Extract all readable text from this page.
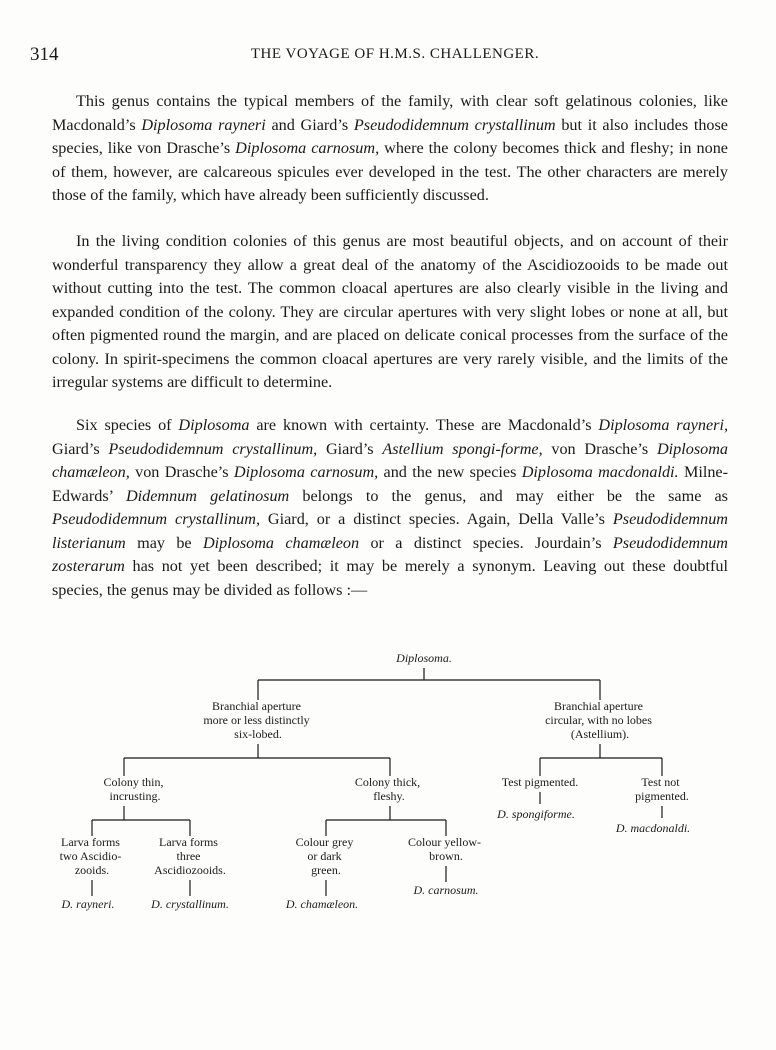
314	THE VOYAGE OF H.M.S. CHALLENGER.

This genus contains the typical members of the family, with clear soft gelatinous colonies, like Macdonald’s Diplosoma rayneri and Giard’s Pseudodidemnum crystallinum but it also includes those species, like von Drasche’s Diplosoma carnosum, where the colony becomes thick and fleshy; in none of them, however, are calcareous spicules ever developed in the test. The other characters are merely those of the family, which have already been sufficiently discussed.

In the living condition colonies of this genus are most beautiful objects, and on account of their wonderful transparency they allow a great deal of the anatomy of the Ascidiozooids to be made out without cutting into the test. The common cloacal apertures are also clearly visible in the living and expanded condition of the colony. They are circular apertures with very slight lobes or none at all, but often pigmented round the margin, and are placed on delicate conical processes from the surface of the colony. In spirit-specimens the common cloacal apertures are very rarely visible, and the limits of the irregular systems are difficult to determine.

Six species of Diplosoma are known with certainty. These are Macdonald’s Diplosoma rayneri, Giard’s Pseudodidemnum crystallinum, Giard’s Astellium spongi-forme, von Drasche’s Diplosoma chamæleon, von Drasche’s Diplosoma carnosum, and the new species Diplosoma macdonaldi. Milne-Edwards’ Didemnum gelatinosum belongs to the genus, and may either be the same as Pseudodidemnum crystallinum, Giard, or a distinct species. Again, Della Valle’s Pseudodidemnum listerianum may be Diplosoma chamæleon or a distinct species. Jourdain’s Pseudodidemnum zosterarum has not yet been described; it may be merely a synonym. Leaving out these doubtful species, the genus may be divided as follows :—

Diplosoma.
Branchial aperture more or less distinctly six-lobed.
Branchial aperture circular, with no lobes (Astellium).
Colony thin, incrusting.
Colony thick, fleshy.
Test pigmented.	Test not pigmented.
Larva forms two Ascidio- zooids.
Larva forms three Ascidiozooids.
Colour grey or dark green.
Colour yellow- brown.
D. rayneri.	D. crystallinum.	D. chamæleon.
D. carnosum.
D. spongiforme.
D. macdonaldi.
